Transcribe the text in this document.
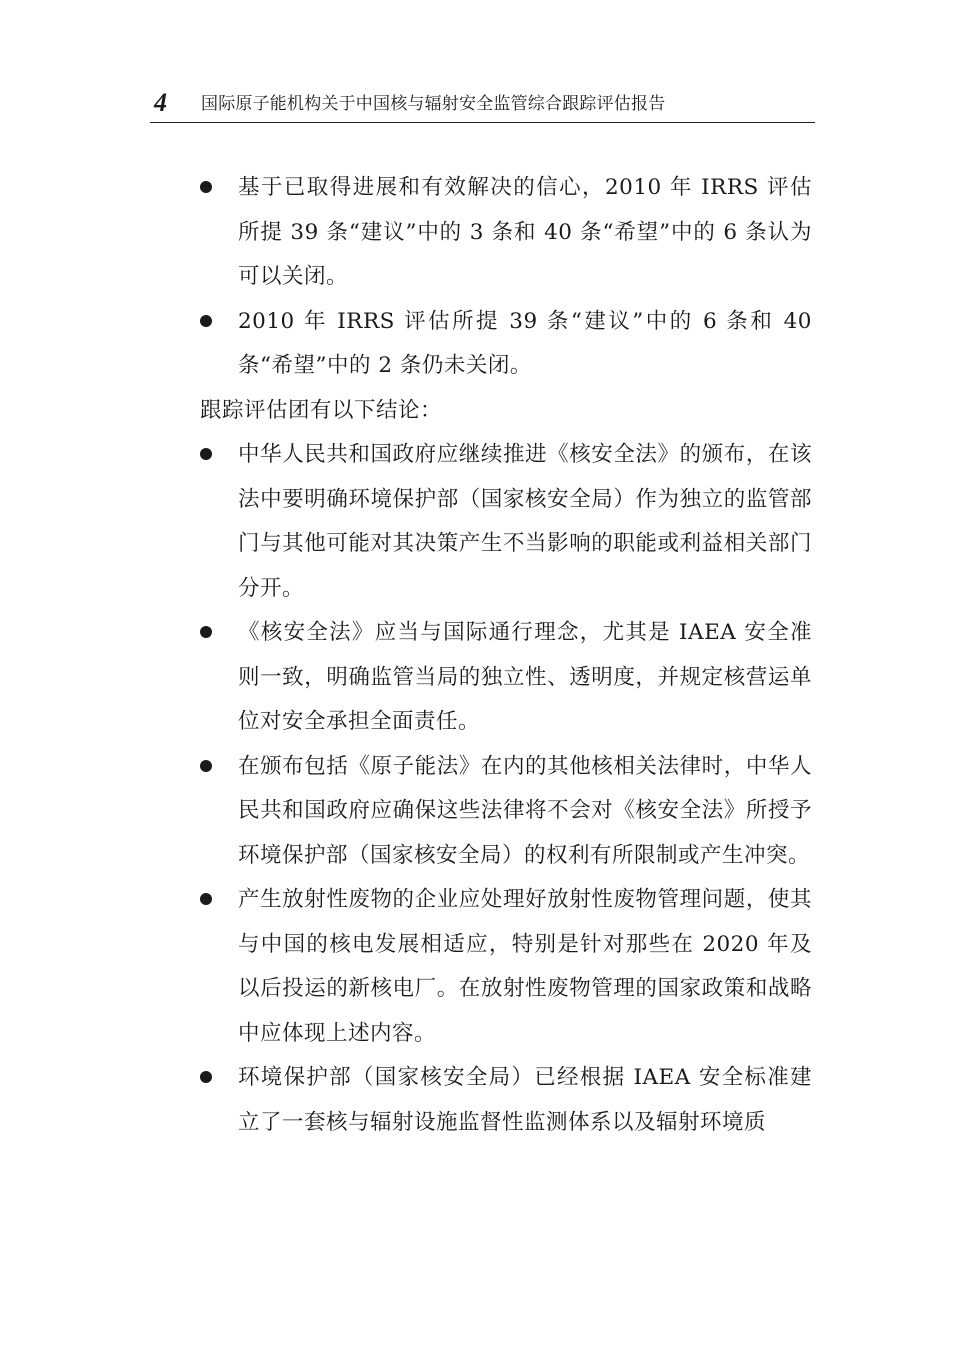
4 国际原子能机构关于中国核与辐射安全监管综合跟踪评估报告
基于已取得进展和有效解决的信心，2010 年 IRRS 评估所提 39 条“建议”中的 3 条和 40 条“希望”中的 6 条认为可以关闭。
2010 年 IRRS 评估所提 39 条“建议”中的 6 条和 40 条“希望”中的 2 条仍未关闭。

跟踪评估团有以下结论：

中华人民共和国政府应继续推进《核安全法》的颁布，在该法中要明确环境保护部（国家核安全局）作为独立的监管部门与其他可能对其决策产生不当影响的职能或利益相关部门分开。
《核安全法》应当与国际通行理念，尤其是 IAEA 安全准则一致，明确监管当局的独立性、透明度，并规定核营运单位对安全承担全面责任。
在颁布包括《原子能法》在内的其他核相关法律时，中华人民共和国政府应确保这些法律将不会对《核安全法》所授予环境保护部（国家核安全局）的权利有所限制或产生冲突。
产生放射性废物的企业应处理好放射性废物管理问题，使其与中国的核电发展相适应，特别是针对那些在 2020 年及以后投运的新核电厂。在放射性废物管理的国家政策和战略中应体现上述内容。
环境保护部（国家核安全局）已经根据 IAEA 安全标准建立了一套核与辐射设施监督性监测体系以及辐射环境质
